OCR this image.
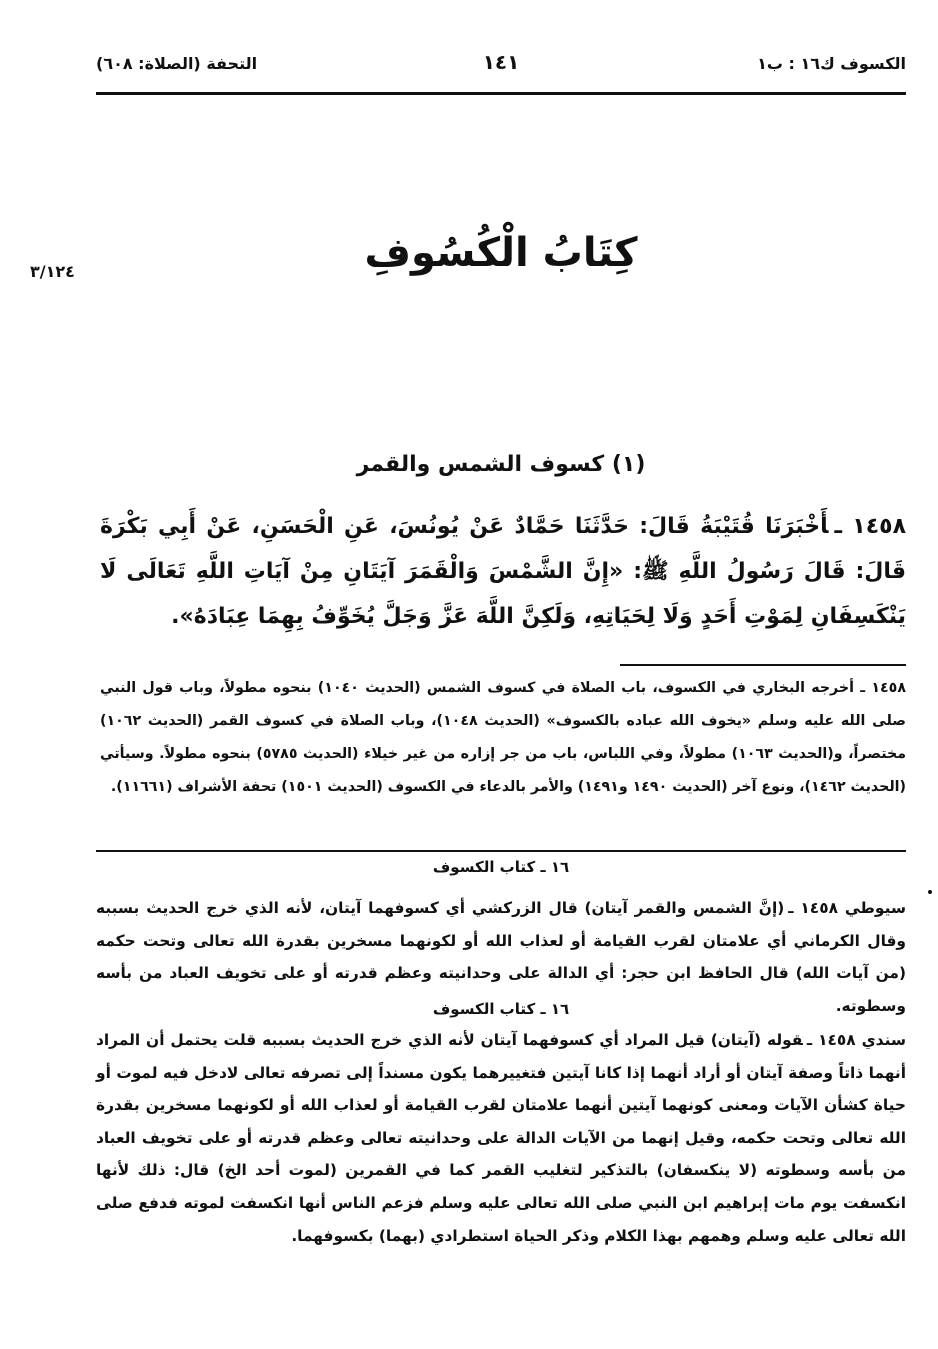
الكسوف ك١٦ : ب١
١٤١
التحفة (الصلاة: ٦٠٨)
٣/١٢٤	كِتَابُ الْكُسُوفِ
(١) كسوف الشمس والقمر
١٤٥٨ ـأَخْبَرَنَا قُتَيْبَةُ قَالَ: حَدَّثَنَا حَمَّادٌ عَنْ يُونُسَ، عَنِ الْحَسَنِ، عَنْ أَبِي بَكْرَةَ قَالَ: قَالَ رَسُولُ اللَّهِ ﷺ: «إِنَّ الشَّمْسَ وَالْقَمَرَ آيَتَانِ مِنْ آيَاتِ اللَّهِ تَعَالَى لَا يَنْكَسِفَانِ لِمَوْتِ أَحَدٍ وَلَا لِحَيَاتِهِ، وَلَكِنَّ اللَّهَ عَزَّ وَجَلَّ يُخَوِّفُ بِهِمَا عِبَادَهُ».
١٤٥٨ ـ أخرجه البخاري في الكسوف، باب الصلاة في كسوف الشمس (الحديث ١٠٤٠) بنحوه مطولاً، وباب قول النبي صلى الله عليه وسلم «يخوف الله عباده بالكسوف» (الحديث ١٠٤٨)، وباب الصلاة في كسوف القمر (الحديث ١٠٦٢) مختصراً، و(الحديث ١٠٦٣) مطولاً، وفي اللباس، باب من جر إزاره من غير خيلاء (الحديث ٥٧٨٥) بنحوه مطولاً. وسيأتي (الحديث ١٤٦٢)، ونوع آخر (الحديث ١٤٩٠ و١٤٩١) والأمر بالدعاء في الكسوف (الحديث ١٥٠١) تحفة الأشراف (١١٦٦١).
١٦ ـ كتاب الكسوف
سيوطي ١٤٥٨ ـ(إنَّ الشمس والقمر آيتان) قال الزركشي أي كسوفهما آيتان، لأنه الذي خرج الحديث بسببه وقال الكرماني أي علامتان لقرب القيامة أو لعذاب الله أو لكونهما مسخرين بقدرة الله تعالى وتحت حكمه (من آيات الله) قال الحافظ ابن حجر: أي الدالة على وحدانيته وعظم قدرته أو على تخويف العباد من بأسه وسطوته.
١٦ ـ كتاب الكسوف
سندي ١٤٥٨ ـقوله (آيتان) قيل المراد أي كسوفهما آيتان لأنه الذي خرج الحديث بسببه قلت يحتمل أن المراد أنهما ذاتاً وصفة آيتان أو أراد أنهما إذا كانا آيتين فتغييرهما يكون مسنداً إلى تصرفه تعالى لادخل فيه لموت أو حياة كشأن الآيات ومعنى كونهما آيتين أنهما علامتان لقرب القيامة أو لعذاب الله أو لكونهما مسخرين بقدرة الله تعالى وتحت حكمه، وقيل إنهما من الآيات الدالة على وحدانيته تعالى وعظم قدرته أو على تخويف العباد من بأسه وسطوته (لا ينكسفان) بالتذكير لتغليب القمر كما في القمرين (لموت أحد الخ) قال: ذلك لأنها انكسفت يوم مات إبراهيم ابن النبي صلى الله تعالى عليه وسلم فزعم الناس أنها انكسفت لموته فدفع صلى الله تعالى عليه وسلم وهمهم بهذا الكلام وذكر الحياة استطرادي (بهما) بكسوفهما.
